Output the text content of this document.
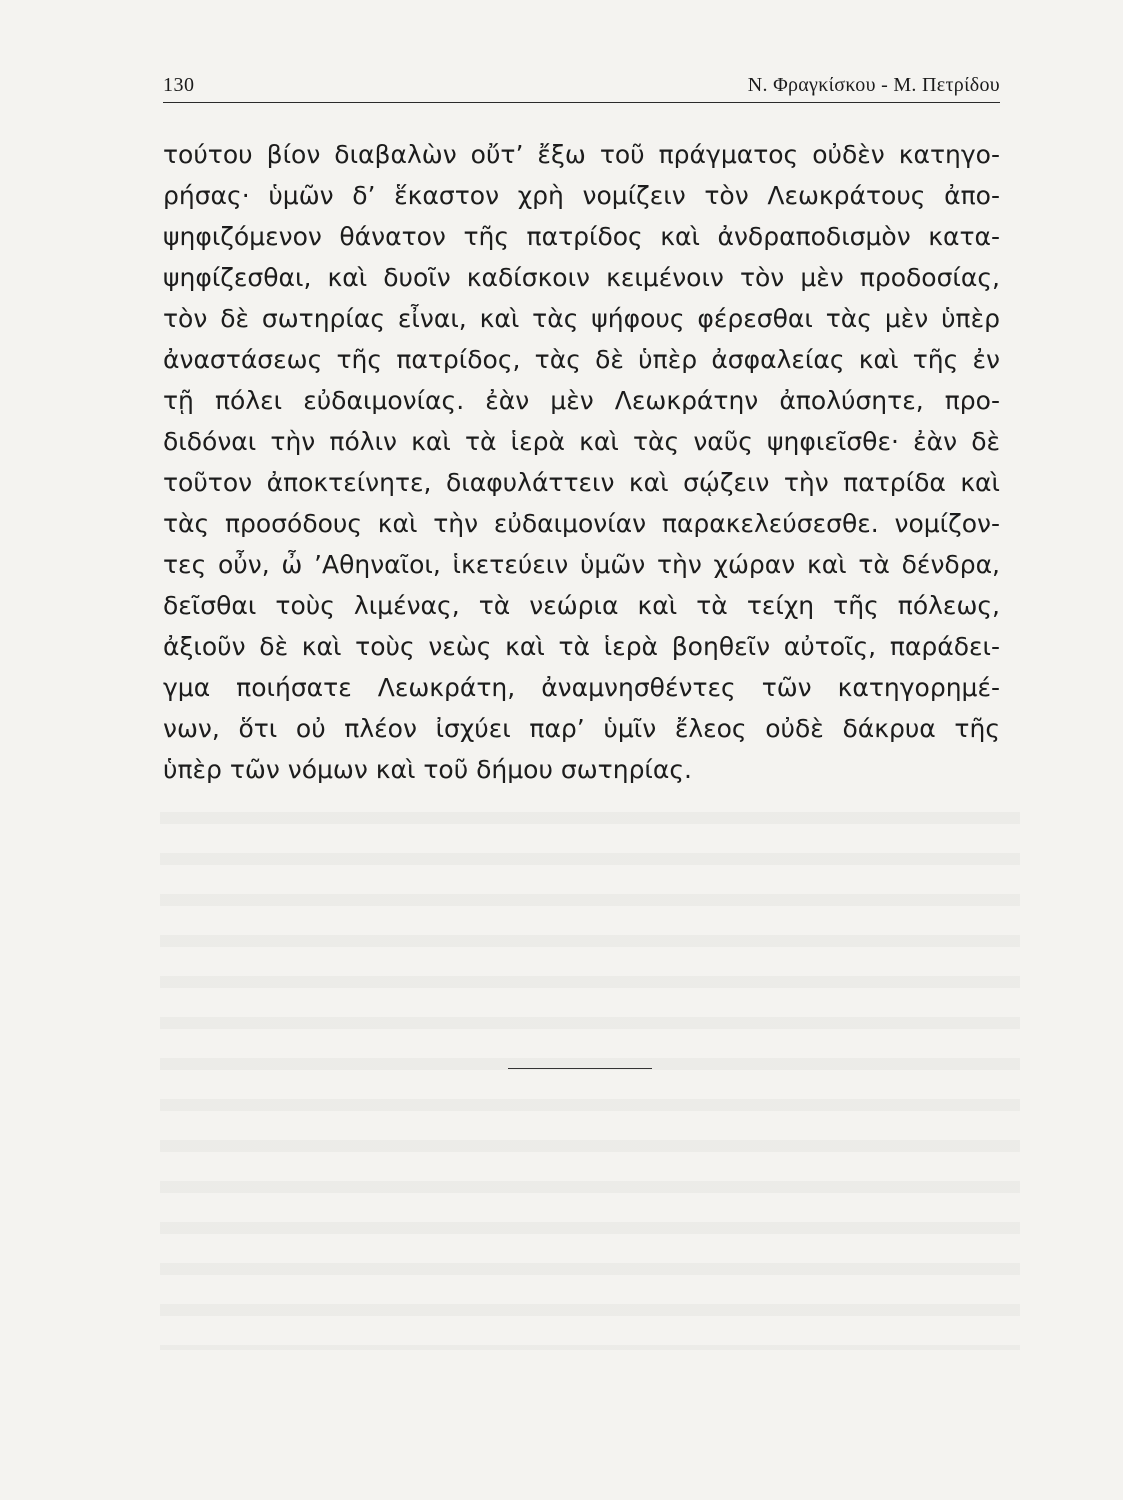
130	Ν. Φραγκίσκου - Μ. Πετρίδου
τούτου βίον διαβαλὼν οὔτ’ ἔξω τοῦ πράγματος οὐδὲν κατηγο-
ρήσας· ὑμῶν δ’ ἕκαστον χρὴ νομίζειν τὸν Λεωκράτους ἀπο-
ψηφιζόμενον θάνατον τῆς πατρίδος καὶ ἀνδραποδισμὸν κατα-
ψηφίζεσθαι, καὶ δυοῖν καδίσκοιν κειμένοιν τὸν μὲν προδοσίας,
τὸν δὲ σωτηρίας εἶναι, καὶ τὰς ψήφους φέρεσθαι τὰς μὲν ὑπὲρ
ἀναστάσεως τῆς πατρίδος, τὰς δὲ ὑπὲρ ἀσφαλείας καὶ τῆς ἐν
τῇ πόλει εὐδαιμονίας. ἐὰν μὲν Λεωκράτην ἀπολύσητε, προ-
διδόναι τὴν πόλιν καὶ τὰ ἱερὰ καὶ τὰς ναῦς ψηφιεῖσθε· ἐὰν δὲ
τοῦτον ἀποκτείνητε, διαφυλάττειν καὶ σῴζειν τὴν πατρίδα καὶ
τὰς προσόδους καὶ τὴν εὐδαιμονίαν παρακελεύσεσθε. νομίζον-
τες οὖν, ὦ ’Αθηναῖοι, ἱκετεύειν ὑμῶν τὴν χώραν καὶ τὰ δένδρα,
δεῖσθαι τοὺς λιμένας, τὰ νεώρια καὶ τὰ τείχη τῆς πόλεως,
ἀξιοῦν δὲ καὶ τοὺς νεὼς καὶ τὰ ἱερὰ βοηθεῖν αὐτοῖς, παράδει-
γμα ποιήσατε Λεωκράτη, ἀναμνησθέντες τῶν κατηγορημέ-
νων, ὅτι οὐ πλέον ἰσχύει παρ’ ὑμῖν ἔλεος οὐδὲ δάκρυα τῆς
ὑπὲρ τῶν νόμων καὶ τοῦ δήμου σωτηρίας.
